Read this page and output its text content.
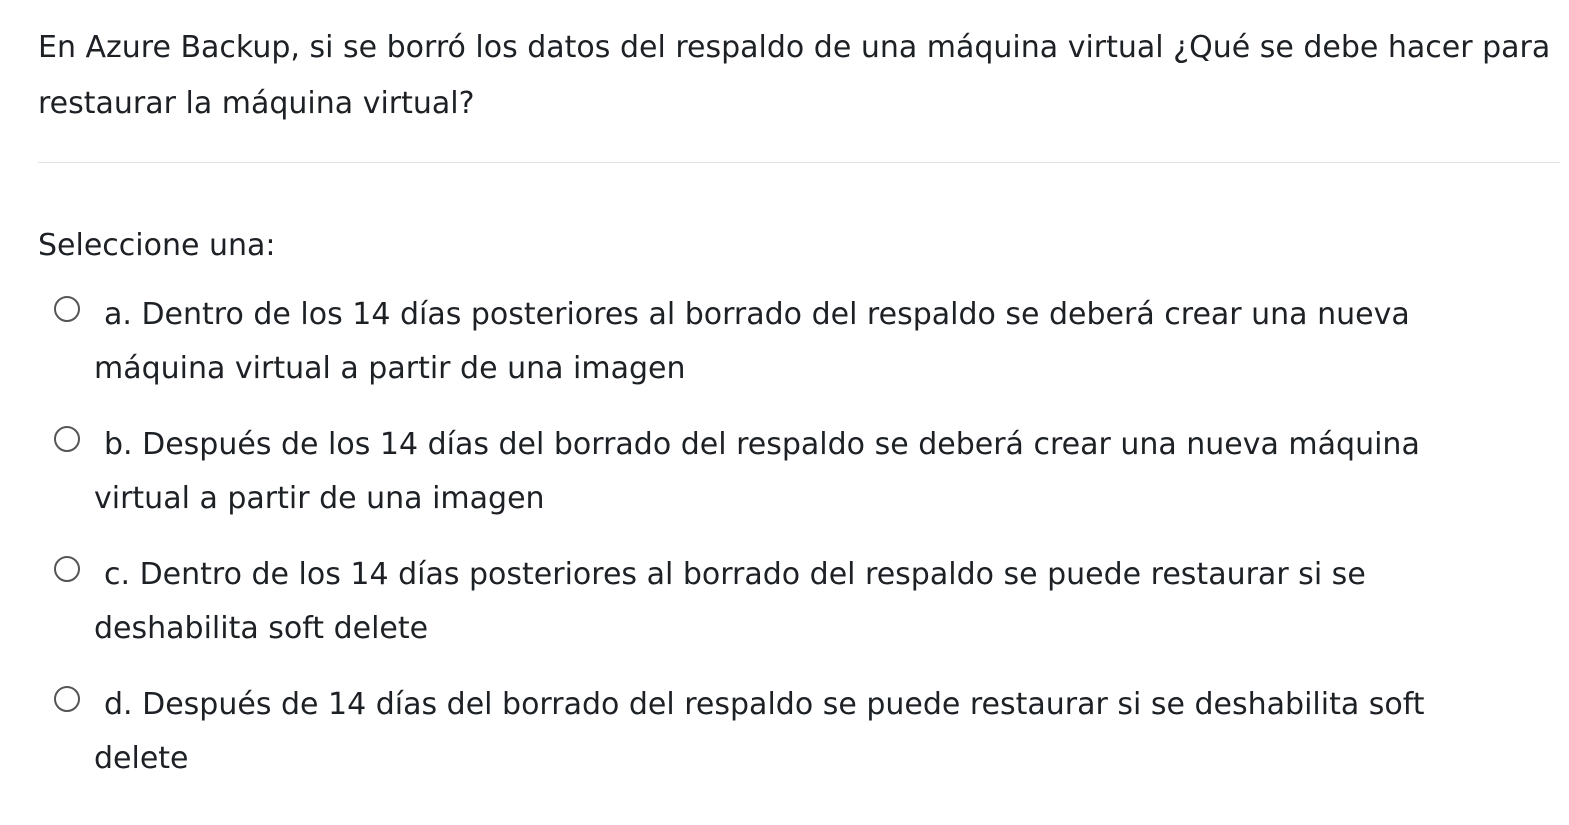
En Azure Backup, si se borró los datos del respaldo de una máquina virtual ¿Qué se debe hacer para restaurar la máquina virtual?

Seleccione una:

a. Dentro de los 14 días posteriores al borrado del respaldo se deberá crear una nueva máquina virtual a partir de una imagen
b. Después de los 14 días del borrado del respaldo se deberá crear una nueva máquina virtual a partir de una imagen
c. Dentro de los 14 días posteriores al borrado del respaldo se puede restaurar si se deshabilita soft delete
d. Después de 14 días del borrado del respaldo se puede restaurar si se deshabilita soft delete
